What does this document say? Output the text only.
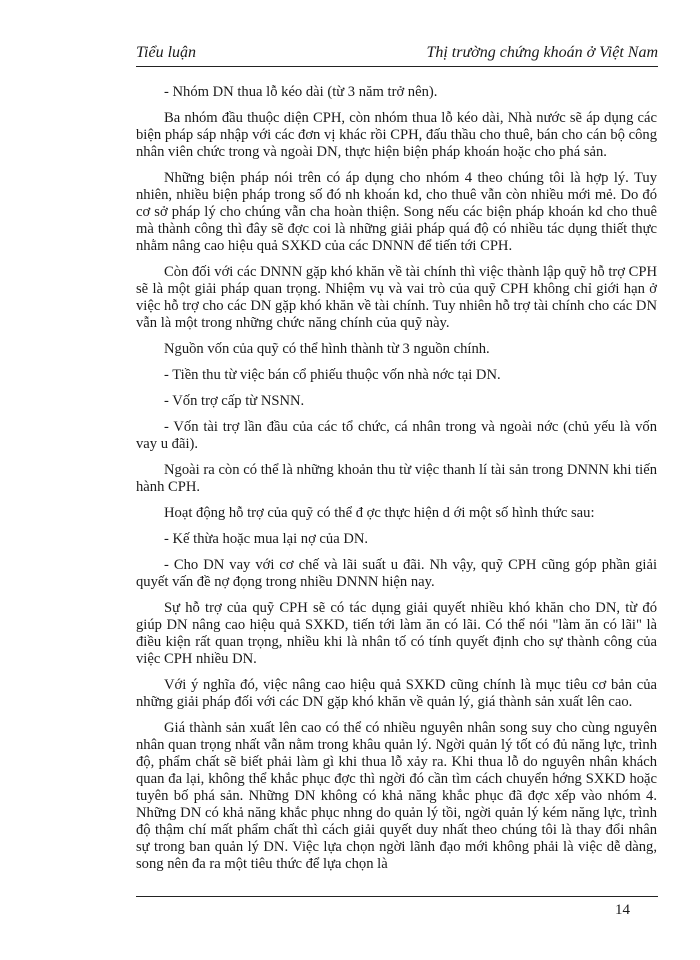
Tiểu luận	Thị trường chứng khoán ở Việt Nam

- Nhóm DN thua lỗ kéo dài (từ 3 năm trở nên).

Ba nhóm đầu thuộc diện CPH, còn nhóm thua lỗ kéo dài, Nhà nước sẽ áp dụng các biện pháp sáp nhập với các đơn vị khác rồi CPH, đấu thầu cho thuê, bán cho cán bộ công nhân viên chức trong và ngoài DN, thực hiện biện pháp khoán hoặc cho phá sản.

Những biện pháp nói trên có áp dụng cho nhóm 4 theo chúng tôi là hợp lý. Tuy nhiên, nhiều biện pháp trong số đó nh khoán kd, cho thuê vẫn còn nhiều mới mẻ. Do đó cơ sở pháp lý cho chúng vẫn cha hoàn thiện. Song nếu các biện pháp khoán kd cho thuê mà thành công thì đây sẽ đợc coi là những giải pháp quá độ có nhiều tác dụng thiết thực nhằm nâng cao hiệu quả SXKD của các DNNN để tiến tới CPH.

Còn đối với các DNNN gặp khó khăn về tài chính thì việc thành lập quỹ hỗ trợ CPH sẽ là một giải pháp quan trọng. Nhiệm vụ và vai trò của quỹ CPH không chỉ giới hạn ở việc hỗ trợ cho các DN gặp khó khăn về tài chính. Tuy nhiên hỗ trợ tài chính cho các DN vẫn là một trong những chức năng chính của quỹ này.

Nguồn vốn của quỹ có thể hình thành từ 3 nguồn chính.

- Tiền thu từ việc bán cổ phiếu thuộc vốn nhà nớc tại DN.

- Vốn trợ cấp từ NSNN.

- Vốn tài trợ lần đầu của các tổ chức, cá nhân trong và ngoài nớc (chủ yếu là vốn vay u đãi).

Ngoài ra còn có thể là những khoản thu từ việc thanh lí tài sản trong DNNN khi tiến hành CPH.

Hoạt động hỗ trợ của quỹ có thể đ ợc thực hiện d ới một số hình thức sau:

- Kế thừa hoặc mua lại nợ của DN.

- Cho DN vay với cơ chế và lãi suất u đãi. Nh vậy, quỹ CPH cũng góp phần giải quyết vấn đề nợ đọng trong nhiều DNNN hiện nay.

Sự hỗ trợ của quỹ CPH sẽ có tác dụng giải quyết nhiều khó khăn cho DN, từ đó giúp DN nâng cao hiệu quả SXKD, tiến tới làm ăn có lãi. Có thể nói "làm ăn có lãi" là điều kiện rất quan trọng, nhiều khi là nhân tố có tính quyết định cho sự thành công của việc CPH nhiều DN.

Với ý nghĩa đó, việc nâng cao hiệu quả SXKD cũng chính là mục tiêu cơ bản của những giải pháp đối với các DN gặp khó khăn về quản lý, giá thành sản xuất lên cao.

Giá thành sản xuất lên cao có thể có nhiều nguyên nhân song suy cho cùng nguyên nhân quan trọng nhất vẫn nằm trong khâu quản lý. Ngời quản lý tốt có đủ năng lực, trình độ, phẩm chất sẽ biết phải làm gì khi thua lỗ xảy ra. Khi thua lỗ do nguyên nhân khách quan đa lại, không thể khắc phục đợc thì ngời đó cần tìm cách chuyển hớng SXKD hoặc tuyên bố phá sản. Những DN không có khả năng khắc phục đã đợc xếp vào nhóm 4. Những DN có khả năng khắc phục nhng do quản lý tồi, ngời quản lý kém năng lực, trình độ thậm chí mất phẩm chất thì cách giải quyết duy nhất theo chúng tôi là thay đổi nhân sự trong ban quản lý DN. Việc lựa chọn ngời lãnh đạo mới không phải là việc dễ dàng, song nên đa ra một tiêu thức để lựa chọn là

14
